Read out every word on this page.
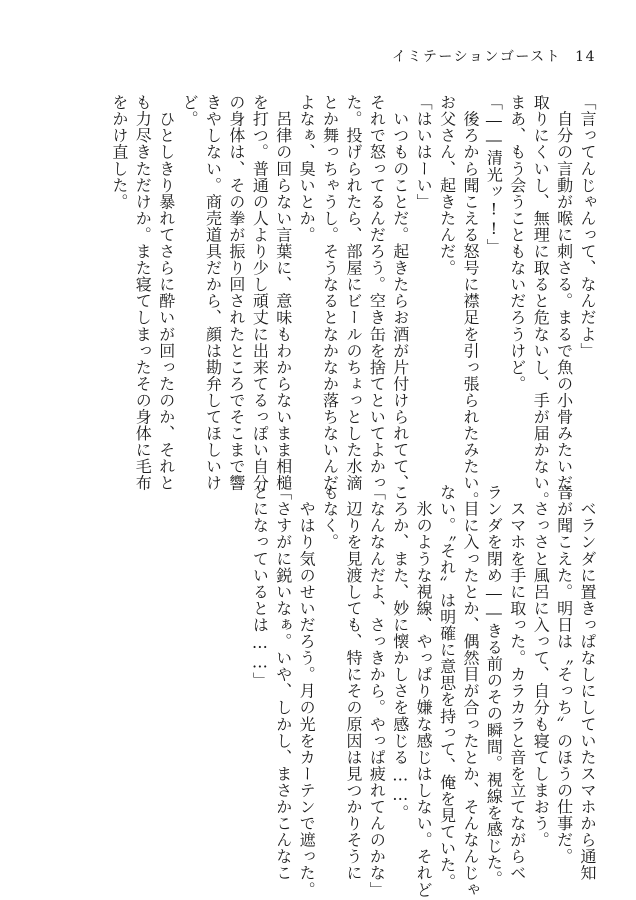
イミテーションゴースト 14
「言ってんじゃんって、なんだよ」
　自分の言動が喉に刺さる。まるで魚の小骨みたいだ。
取りにくいし、無理に取ると危ないし、手が届かない。
まあ、もう会うこともないだろうけど。
「――清光ッ!!」
　後ろから聞こえる怒号に襟足を引っ張られたみたい。
お父さん、起きたんだ。
「はいはーい」
　いつものことだ。起きたらお酒が片付けられてて、
それで怒ってるんだろう。空き缶を捨てといてよかっ
た。投げられたら、部屋にビールのちょっとした水滴
とか舞っちゃうし。そうなるとなかなか落ちないんだ
よなぁ、臭いとか。
　呂律の回らない言葉に、意味もわからないまま相槌
を打つ。普通の人より少し頑丈に出来てるっぽい自分
の身体は、その拳が振り回されたところでそこまで響
きやしない。商売道具だから、顔は勘弁してほしいけ
ど。
　ひとしきり暴れてさらに酔いが回ったのか、それと
も力尽きただけか。また寝てしまったその身体に毛布
をかけ直した。
　ベランダに置きっぱなしにしていたスマホから通知
音が聞こえた。明日は〝そっち〟のほうの仕事だ。
　さっさと風呂に入って、自分も寝てしまおう。
　スマホを手に取った。カラカラと音を立てながらベ
ランダを閉め――きる前のその瞬間。視線を感じた。
　目に入ったとか、偶然目が合ったとか、そんなんじゃ
ない。〝それ〟は明確に意思を持って、俺を見ていた。
　氷のような視線、やっぱり嫌な感じはしない。それど
ころか、また、妙に懐かしさを感じる……。
「なんなんだよ、さっきから。やっぱ疲れてんのかな」
　辺りを見渡しても、特にその原因は見つかりそうに
もなく。
　やはり気のせいだろう。月の光をカーテンで遮った。
「さすがに鋭いなぁ。いや、しかし、まさかこんなこ
とになっているとは……」
